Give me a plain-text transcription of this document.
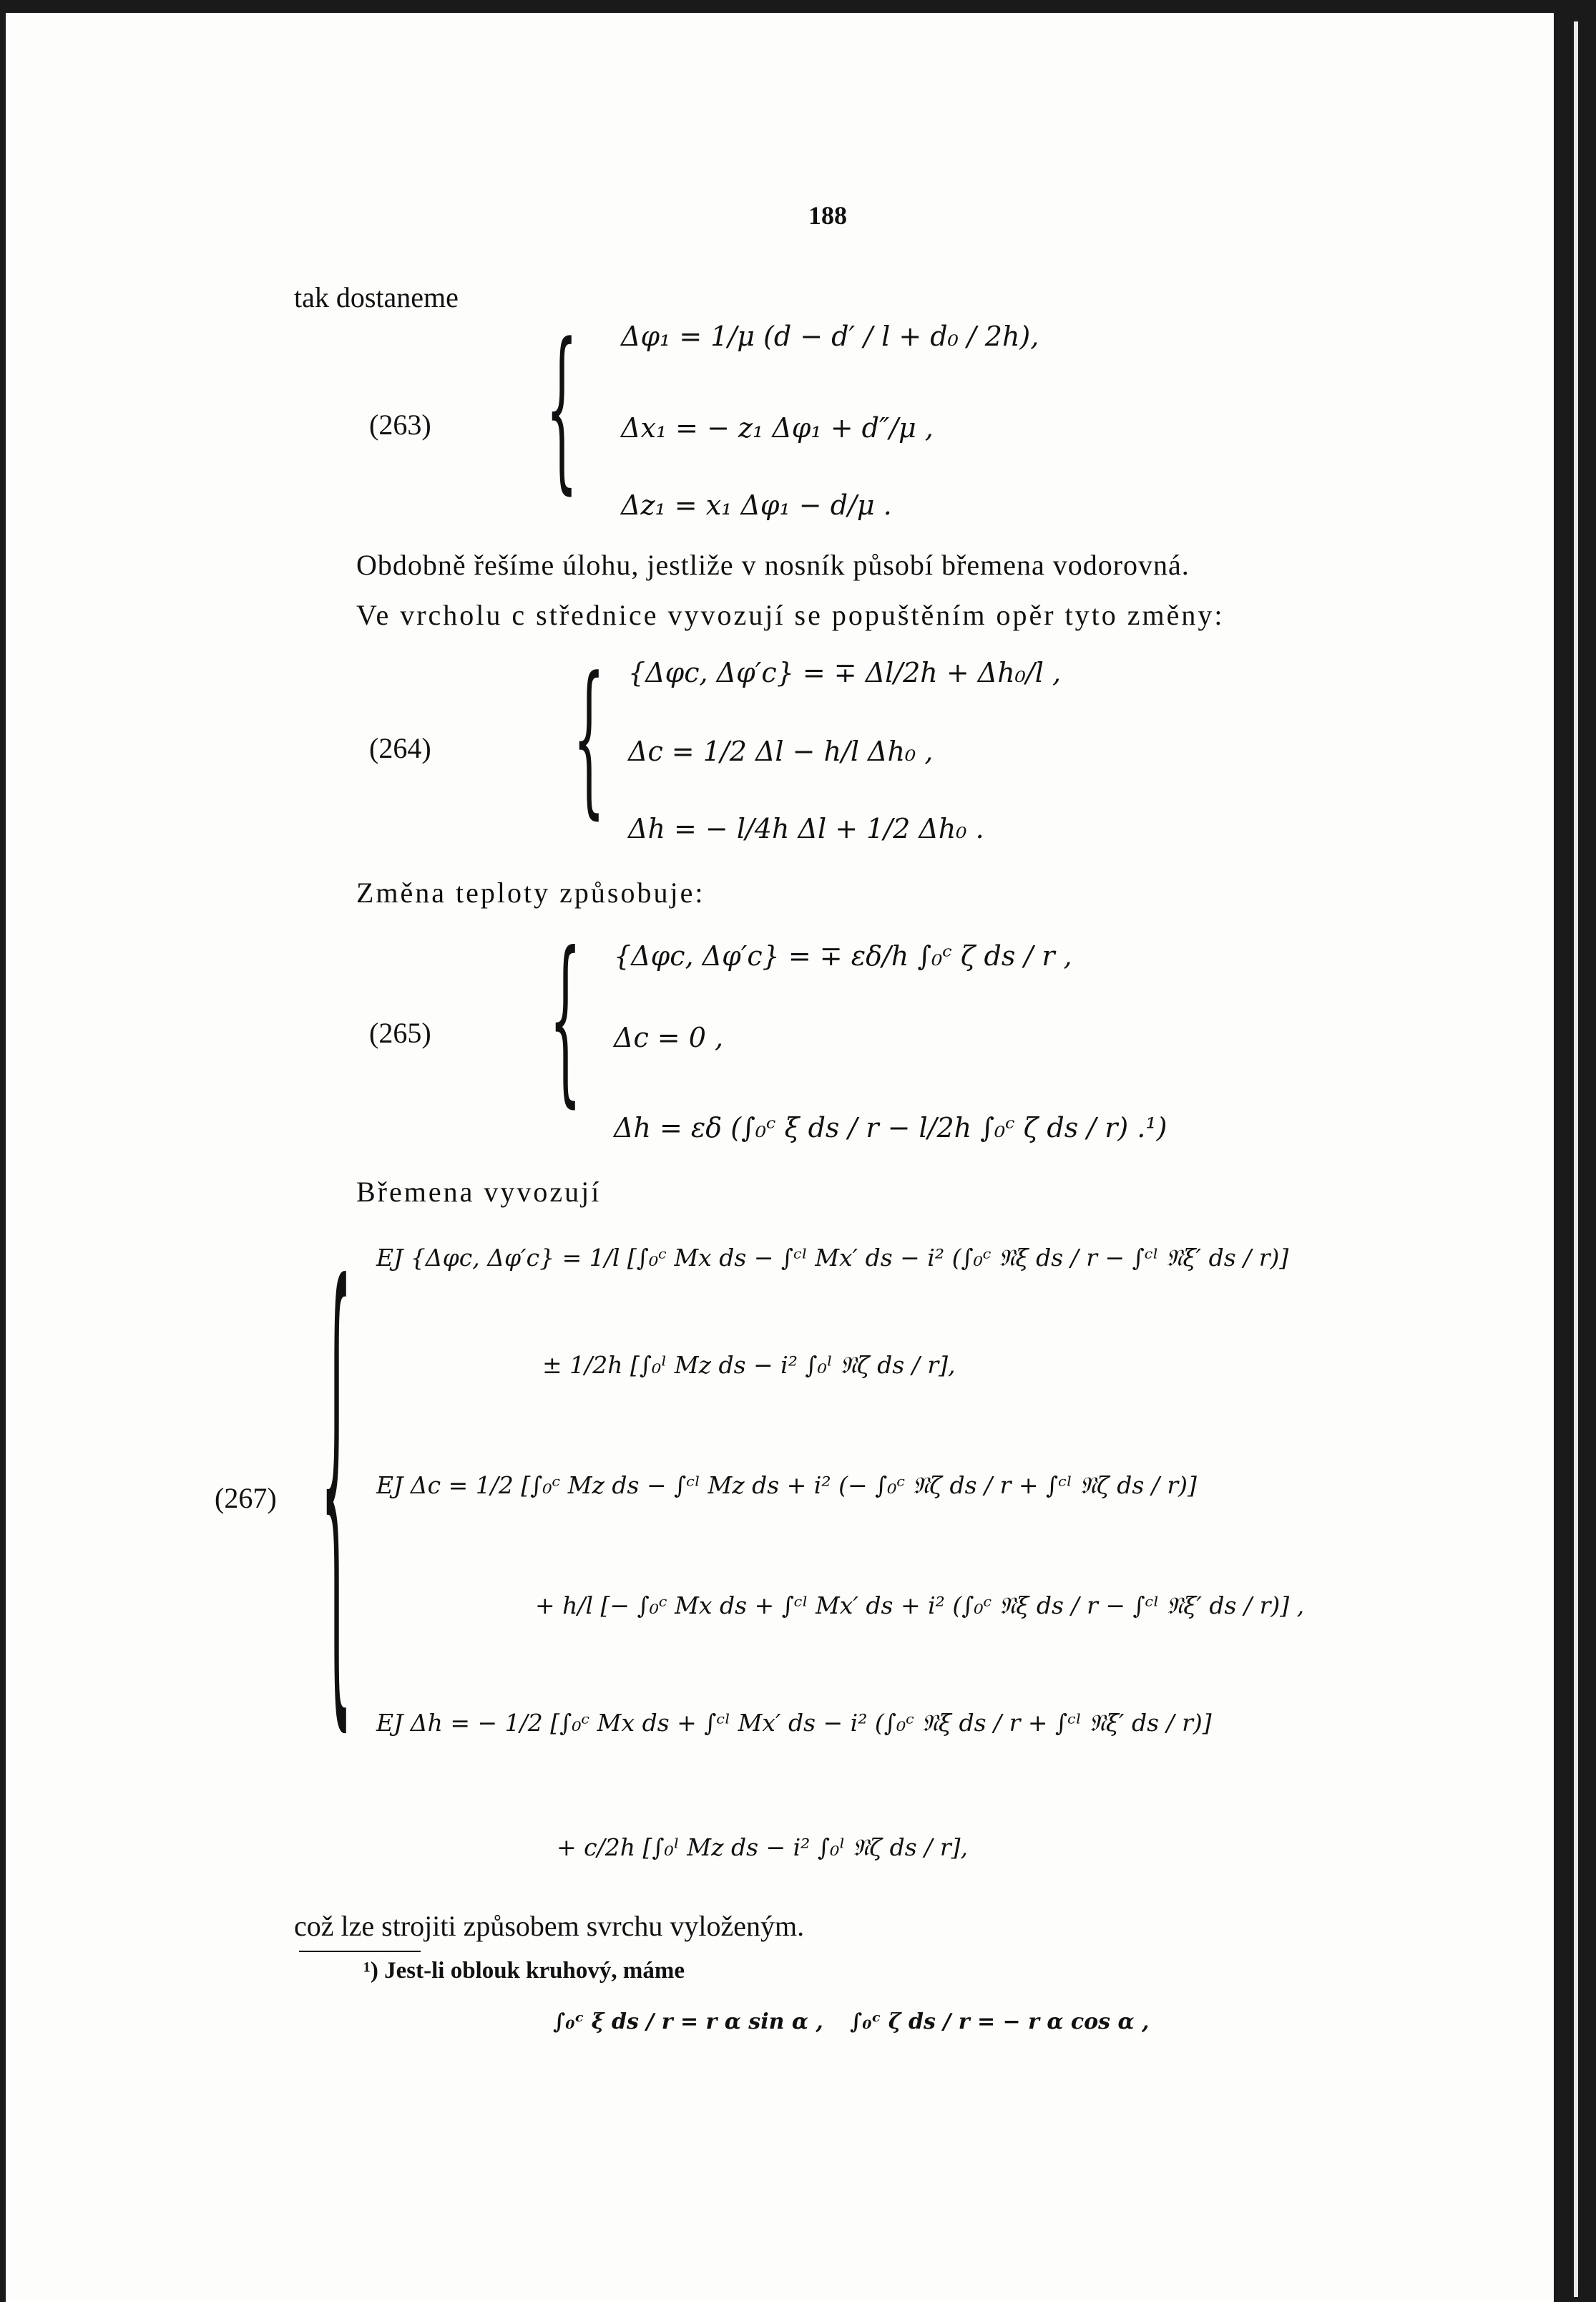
188
tak dostaneme
(263) { Δφ₁ = 1/μ (d − d′ / l + d₀ / 2h),
Δx₁ = − z₁ Δφ₁ + d″/μ ,
Δz₁ = x₁ Δφ₁ − d/μ .
Obdobně řešíme úlohu, jestliže v nosník působí břemena vodorovná.
Ve vrcholu c střednice vyvozují se popuštěním opěr tyto změny:
(264)	{ {Δφc, Δφ′c} = ∓ Δl/2h + Δh₀/l ,
Δc = 1/2 Δl − h/l Δh₀ ,
Δh = − l/4h Δl + 1/2 Δh₀ .
Změna teploty způsobuje:
(265) { {Δφc, Δφ′c} = ∓ εδ/h ∫₀ᶜ ζ ds / r ,
Δc = 0 ,
Δh = εδ (∫₀ᶜ ξ ds / r − l/2h ∫₀ᶜ ζ ds / r) .¹)
Břemena vyvozují
(267) { EJ {Δφc, Δφ′c} = 1/l [∫₀ᶜ Mx ds − ∫ᶜˡ Mx′ ds − i² (∫₀ᶜ 𝔑ξ ds / r − ∫ᶜˡ 𝔑ξ′ ds / r)]
± 1/2h [∫₀ˡ Mz ds − i² ∫₀ˡ 𝔑ζ ds / r],
EJ Δc = 1/2 [∫₀ᶜ Mz ds − ∫ᶜˡ Mz ds + i² (− ∫₀ᶜ 𝔑ζ ds / r + ∫ᶜˡ 𝔑ζ ds / r)]
+ h/l [− ∫₀ᶜ Mx ds + ∫ᶜˡ Mx′ ds + i² (∫₀ᶜ 𝔑ξ ds / r − ∫ᶜˡ 𝔑ξ′ ds / r)] ,
EJ Δh = − 1/2 [∫₀ᶜ Mx ds + ∫ᶜˡ Mx′ ds − i² (∫₀ᶜ 𝔑ξ ds / r + ∫ᶜˡ 𝔑ξ′ ds / r)]
+ c/2h [∫₀ˡ Mz ds − i² ∫₀ˡ 𝔑ζ ds / r],
což lze strojiti způsobem svrchu vyloženým.
¹) Jest-li oblouk kruhový, máme
∫₀ᶜ ξ ds / r = r α sin α , ∫₀ᶜ ζ ds / r = − r α cos α ,
